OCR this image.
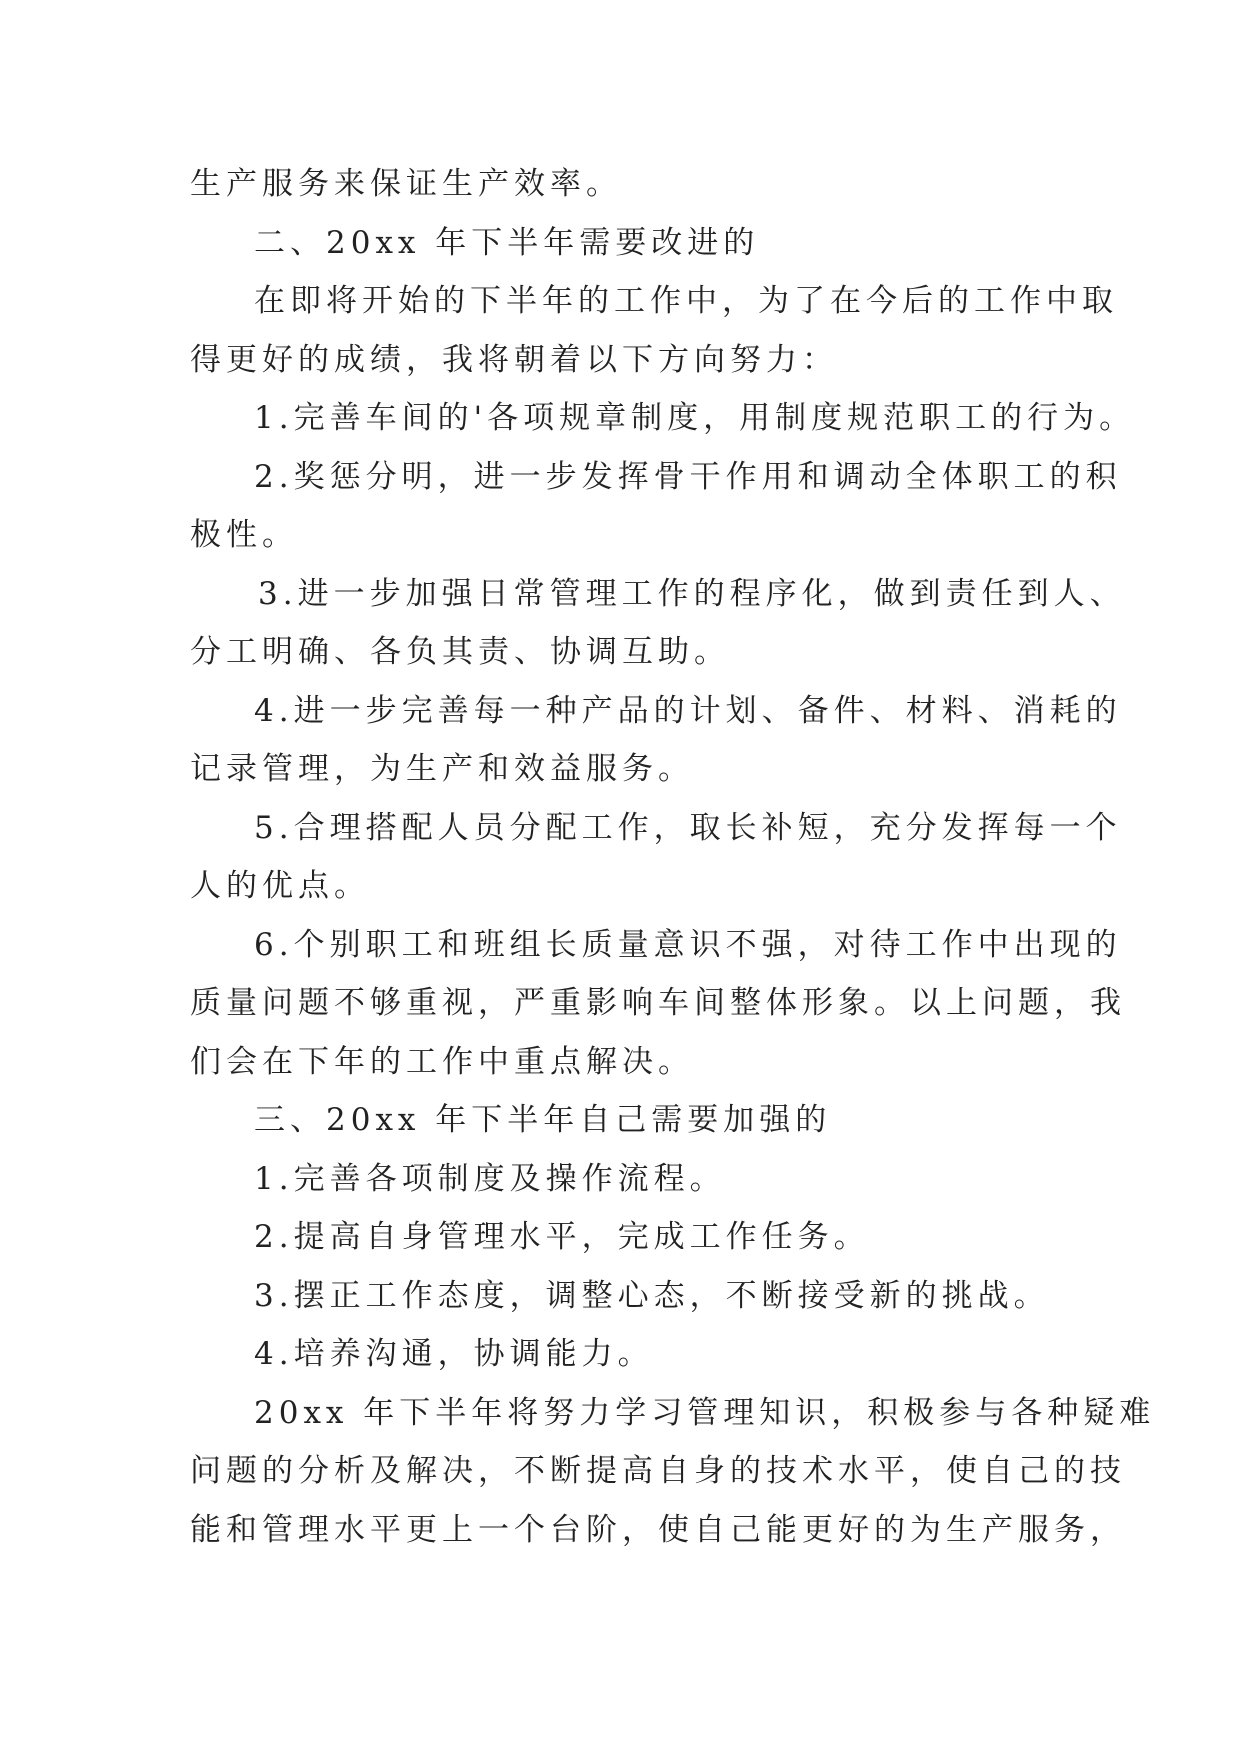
生产服务来保证生产效率。

二、20xx 年下半年需要改进的

在即将开始的下半年的工作中，为了在今后的工作中取

得更好的成绩，我将朝着以下方向努力：

1.完善车间的'各项规章制度，用制度规范职工的行为。

2.奖惩分明，进一步发挥骨干作用和调动全体职工的积

极性。

3.进一步加强日常管理工作的程序化，做到责任到人、

分工明确、各负其责、协调互助。

4.进一步完善每一种产品的计划、备件、材料、消耗的

记录管理，为生产和效益服务。

5.合理搭配人员分配工作，取长补短，充分发挥每一个

人的优点。

6.个别职工和班组长质量意识不强，对待工作中出现的

质量问题不够重视，严重影响车间整体形象。以上问题，我

们会在下年的工作中重点解决。

三、20xx 年下半年自己需要加强的

1.完善各项制度及操作流程。

2.提高自身管理水平，完成工作任务。

3.摆正工作态度，调整心态，不断接受新的挑战。

4.培养沟通，协调能力。

20xx 年下半年将努力学习管理知识，积极参与各种疑难

问题的分析及解决，不断提高自身的技术水平，使自己的技

能和管理水平更上一个台阶，使自己能更好的为生产服务，
